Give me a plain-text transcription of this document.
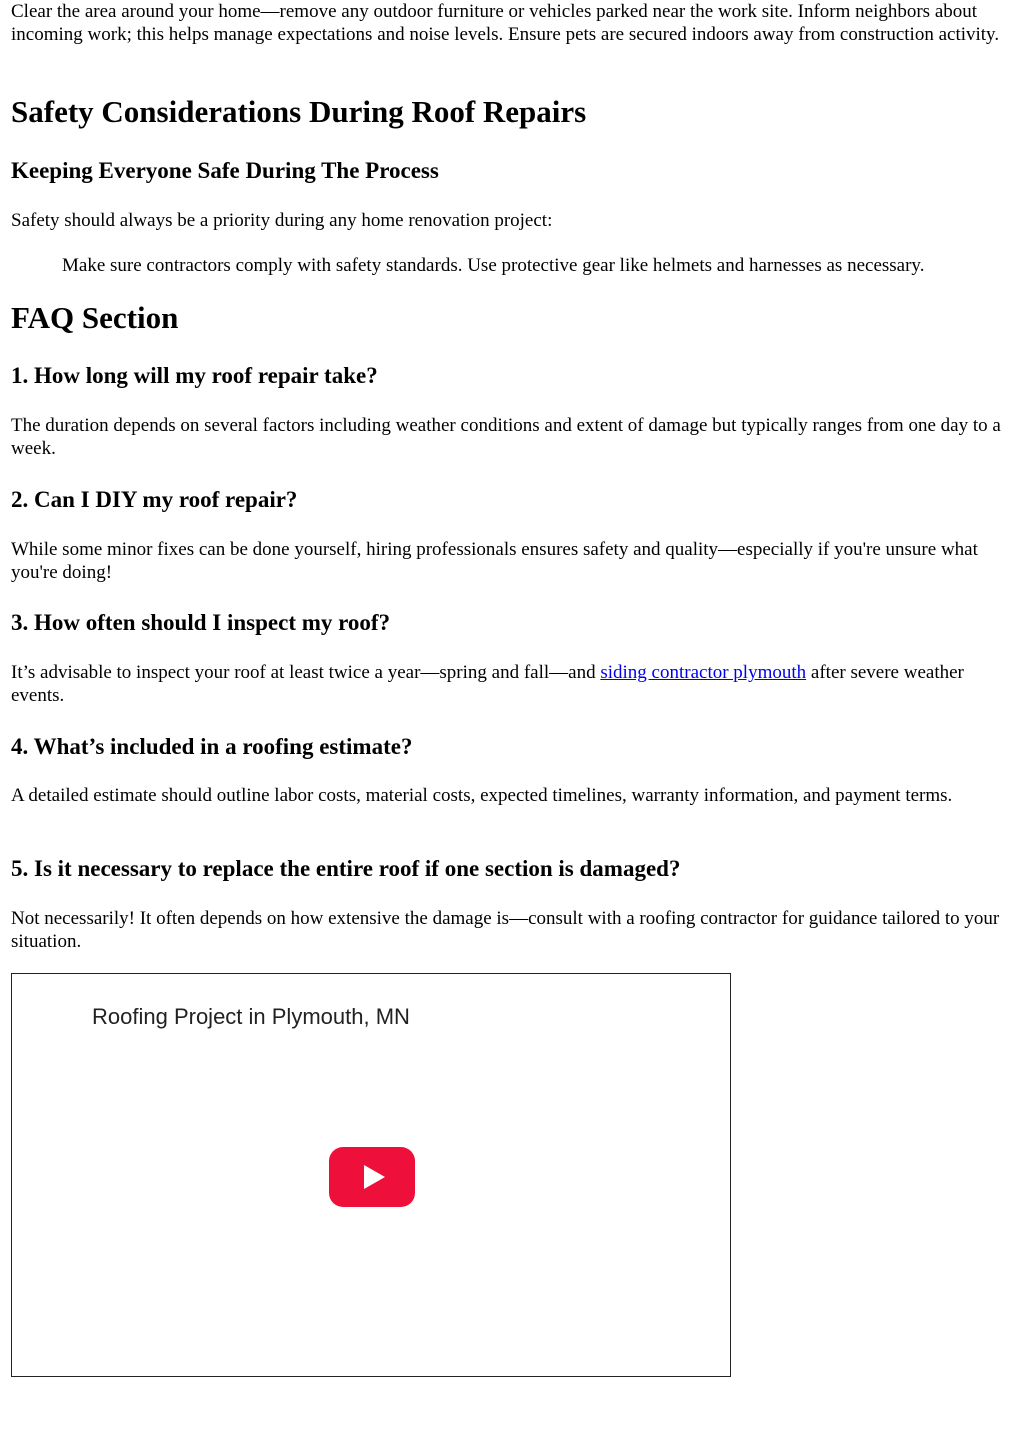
Clear the area around your home—remove any outdoor furniture or vehicles parked near the work site. Inform neighbors about incoming work; this helps manage expectations and noise levels. Ensure pets are secured indoors away from construction activity.

Safety Considerations During Roof Repairs
Keeping Everyone Safe During The Process

Safety should always be a priority during any home renovation project:

Make sure contractors comply with safety standards. Use protective gear like helmets and harnesses as necessary.
FAQ Section
1. How long will my roof repair take?

The duration depends on several factors including weather conditions and extent of damage but typically ranges from one day to a week.

2. Can I DIY my roof repair?

While some minor fixes can be done yourself, hiring professionals ensures safety and quality—especially if you're unsure what you're doing!

3. How often should I inspect my roof?

It’s advisable to inspect your roof at least twice a year—spring and fall—and siding contractor plymouth after severe weather events.

4. What’s included in a roofing estimate?

A detailed estimate should outline labor costs, material costs, expected timelines, warranty information, and payment terms.

5. Is it necessary to replace the entire roof if one section is damaged?

Not necessarily! It often depends on how extensive the damage is—consult with a roofing contractor for guidance tailored to your situation.

Roofing Project in Plymouth, MN
